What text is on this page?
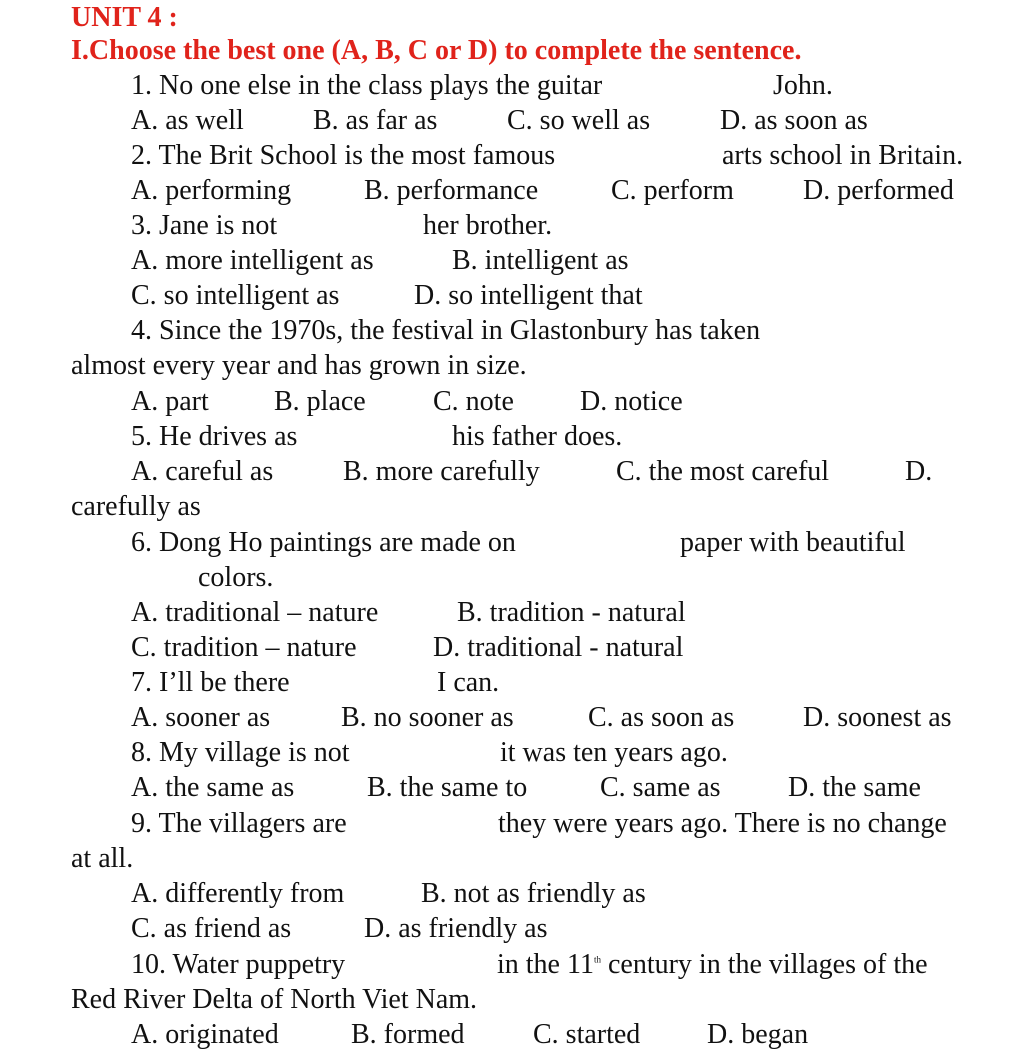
UNIT 4 :
I.Choose the best one (A, B, C or D) to complete the sentence.
1. No one else in the class plays the guitar	John.
A. as well B. as far as C. so well as D. as soon as
2. The Brit School is the most famous	arts school in Britain.
A. performing	B. performance	C. perform D. performed
3. Jane is not	her brother.
A. more intelligent as	B. intelligent as
C. so intelligent as	D. so intelligent that
4. Since the 1970s, the festival in Glastonbury has taken
almost every year and has grown in size.
A. part B. place C. note D. notice
5. He drives as	his father does.
A. careful as B. more carefully	C. the most careful	D.
carefully as
6. Dong Ho paintings are made on	paper with beautiful
colors.
A. traditional – nature	B. tradition - natural
C. tradition – nature	D. traditional - natural
7. I’ll be there	I can.
A. sooner as	B. no sooner as	C. as soon as D. soonest as
8. My village is not	it was ten years ago.
A. the same as	B. the same to	C. same as D. the same
9. The villagers are	they were years ago. There is no change
at all.
A. differently from	B. not as friendly as
C. as friend as	D. as friendly as
10. Water puppetry	in the 11th century in the villages of the
Red River Delta of North Viet Nam.
A. originated	B. formed C. started D. began
